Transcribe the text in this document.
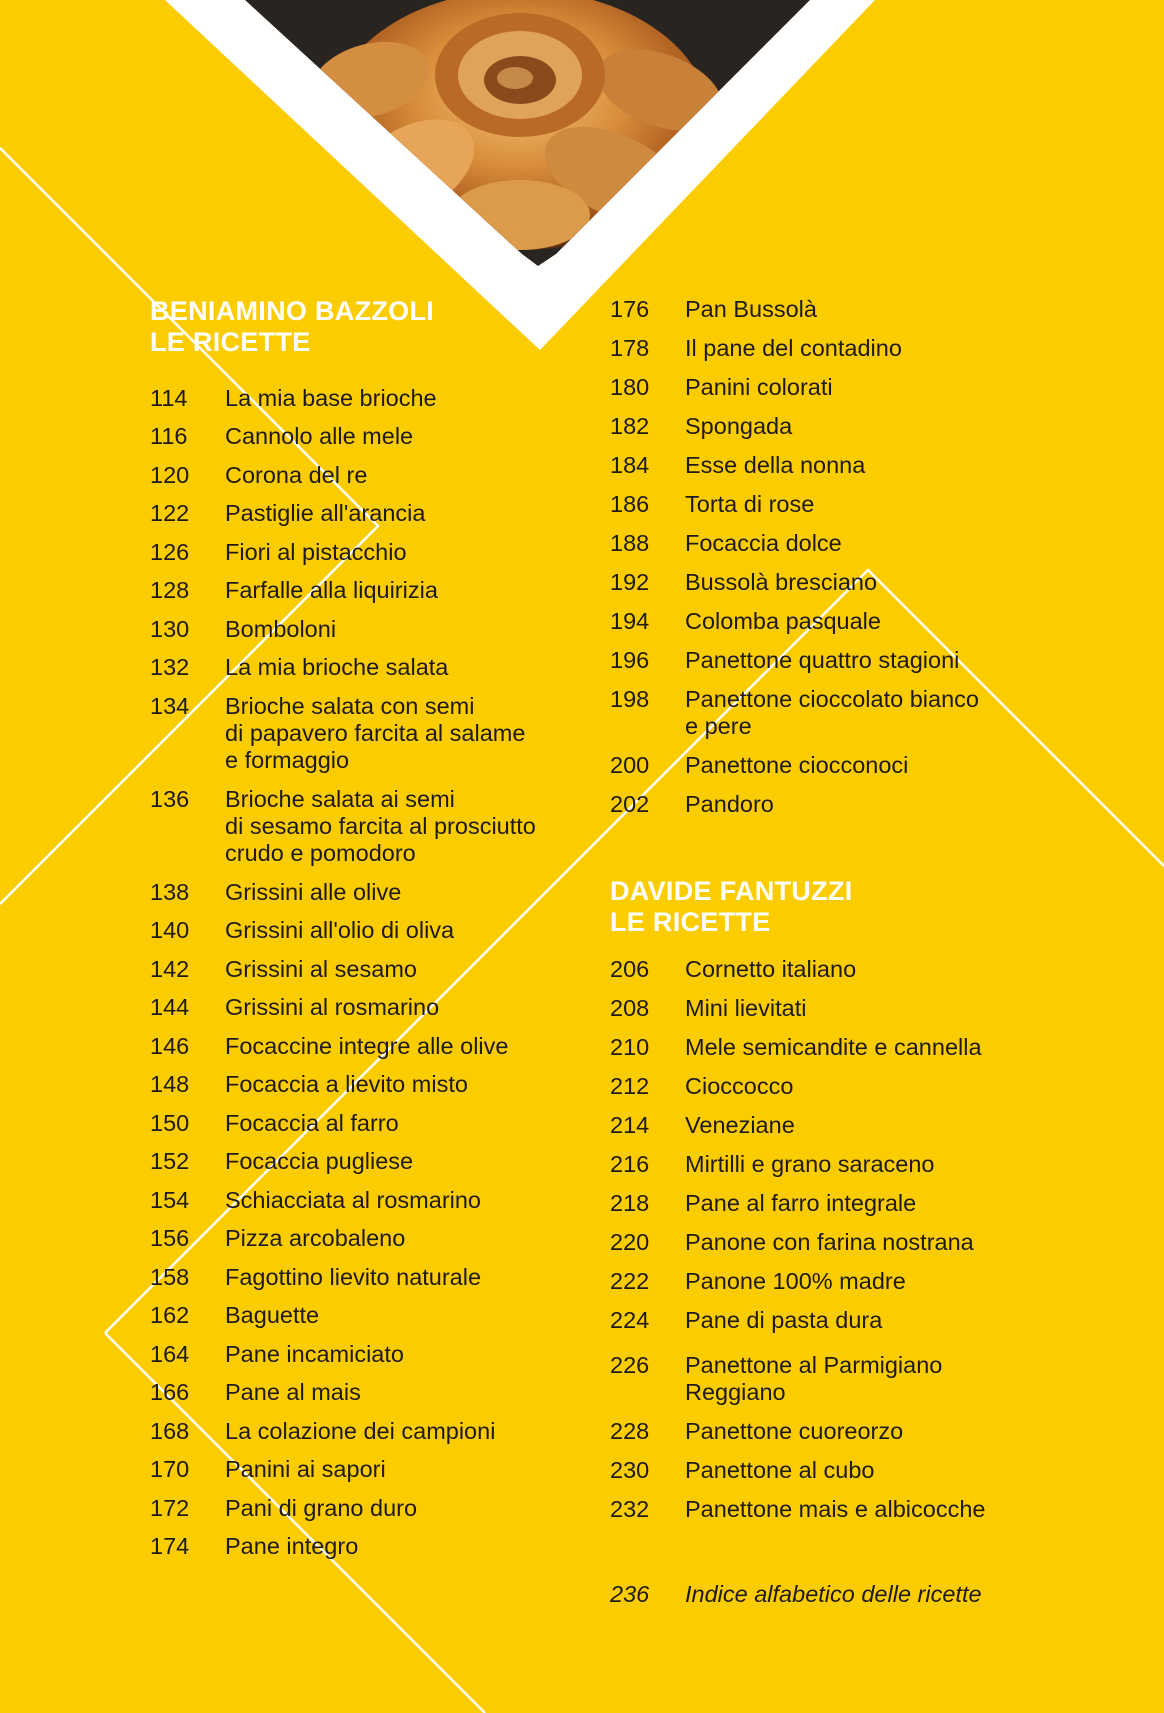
BENIAMINO BAZZOLI
LE RICETTE
114	La mia base brioche
116	Cannolo alle mele
120	Corona del re
122	Pastiglie all'arancia
126	Fiori al pistacchio
128	Farfalle alla liquirizia
130	Bomboloni
132	La mia brioche salata
134	Brioche salata con semi
di papavero farcita al salame
e formaggio
136	Brioche salata ai semi
di sesamo farcita al prosciutto
crudo e pomodoro
138	Grissini alle olive
140	Grissini all'olio di oliva
142	Grissini al sesamo
144	Grissini al rosmarino
146	Focaccine integre alle olive
148	Focaccia a lievito misto
150	Focaccia al farro
152	Focaccia pugliese
154	Schiacciata al rosmarino
156	Pizza arcobaleno
158	Fagottino lievito naturale
162	Baguette
164	Pane incamiciato
166	Pane al mais
168	La colazione dei campioni
170	Panini ai sapori
172	Pani di grano duro
174	Pane integro
176	Pan Bussolà
178	Il pane del contadino
180	Panini colorati
182	Spongada
184	Esse della nonna
186	Torta di rose
188	Focaccia dolce
192	Bussolà bresciano
194	Colomba pasquale
196	Panettone quattro stagioni
198	Panettone cioccolato bianco
e pere
200	Panettone ciocconoci
202	Pandoro
DAVIDE FANTUZZI
LE RICETTE
206	Cornetto italiano
208	Mini lievitati
210	Mele semicandite e cannella
212	Cioccocco
214	Veneziane
216	Mirtilli e grano saraceno
218	Pane al farro integrale
220	Panone con farina nostrana
222	Panone 100% madre
224	Pane di pasta dura
226	Panettone al Parmigiano
Reggiano
228	Panettone cuoreorzo
230	Panettone al cubo
232	Panettone mais e albicocche
236	Indice alfabetico delle ricette
